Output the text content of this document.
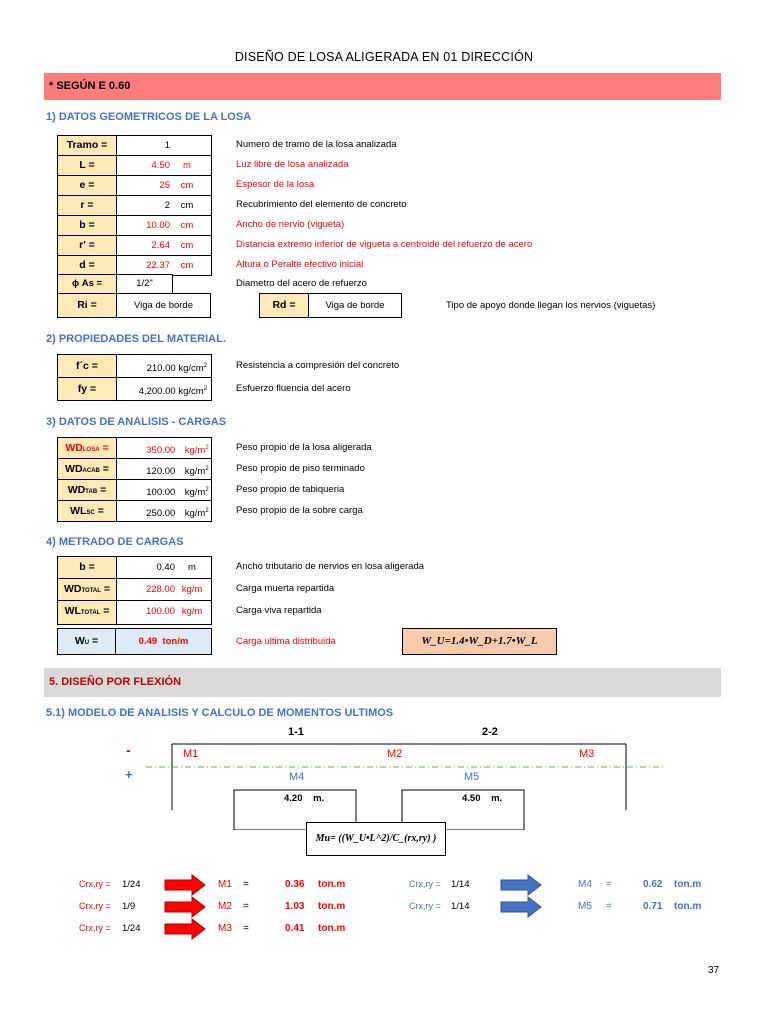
DISEÑO DE LOSA ALIGERADA EN 01 DIRECCIÓN
* SEGÚN E 0.60
1) DATOS GEOMETRICOS DE LA LOSA
Tramo =	1	Numero de tramo de la losa analizada
L =	4.50 m	Luz libre de losa analizada
e =	25 cm	Espesor de la losa
r =	2 cm	Recubrimiento del elemento de concreto
b =	10.00 cm	Ancho de nervio (vigueta)
r' =	2.64 cm	Distancia extremo inferior de vigueta a centroide del refuerzo de acero
d =	22.37 cm	Altura o Peralte efectivo inicial
ϕ As =	1/2"	Diametro del acero de refuerzo
Ri =	Viga de borde	Rd =	Viga de borde	Tipo de apoyo donde llegan los nervios (viguetas)
2) PROPIEDADES DEL MATERIAL.
f´c =	210.00 $kg/cm^2$	Resistencia a compresión del concreto
fy =	4,200.00 $kg/cm^2$	Esfuerzo fluencia del acero
3) DATOS DE ANALISIS - CARGAS
WDLOSA =	350.00 $kg/m^2$	Peso propio de la losa aligerada
WDACAB =	120.00 $kg/m^2$	Peso propio de piso terminado
WDTAB =	100.00 $kg/m^2$	Peso propio de tabiqueria
WLSC =	250.00 $kg/m^2$	Peso propio de la sobre carga
4) METRADO DE CARGAS
b =	0.40 m	Ancho tributario de nervios en losa aligerada
WDTOTAL =	228.00 kg/m	Carga muerta repartida
WLTOTAL =	100.00 kg/m	Carga viva repartida
WU =	0.49 ton/m	Carga ultima distribuida	W_U=1.4•W_D+1.7•W_L
5. DISEÑO POR FLEXIÓN
5.1) MODELO DE ANALISIS Y CALCULO DE MOMENTOS ULTIMOS
1-1	2-2
-
+
M1	M2	M3
M4	M5
4.20 m.	4.50 m.
Mu= ((W_U•L^2)/C_(rx,ry) )
Crx,ry = 1/24	M1 =	0.36 ton.m
Crx,ry = 1/9	M2 =	1.03 ton.m
Crx,ry = 1/24	M3 =	0.41 ton.m
Crx,ry = 1/14	M4 =	0.62 ton.m
Crx,ry = 1/14	M5 =	0.71 ton.m
37
